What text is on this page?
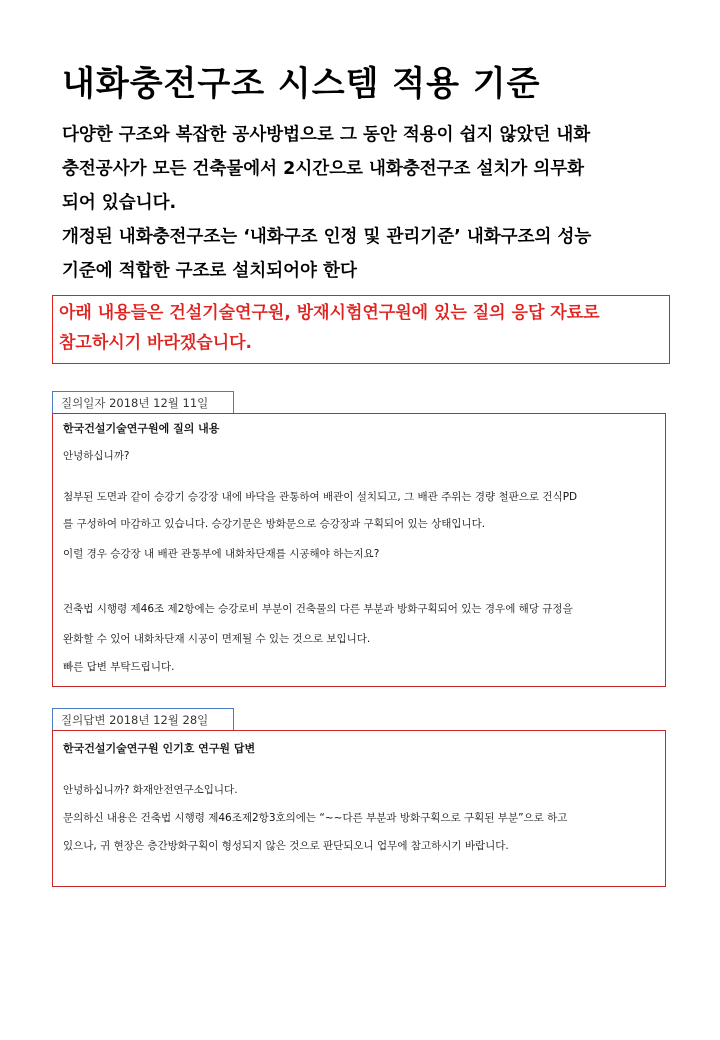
내화충전구조 시스템 적용 기준

다양한 구조와 복잡한 공사방법으로 그 동안 적용이 쉽지 않았던 내화

충전공사가 모든 건축물에서 2시간으로 내화충전구조 설치가 의무화

되어 있습니다.

개정된 내화충전구조는 ‘내화구조 인정 및 관리기준’ 내화구조의 성능

기준에 적합한 구조로 설치되어야 한다

아래 내용들은 건설기술연구원, 방재시험연구원에 있는 질의 응답 자료로

참고하시기 바라겠습니다.

질의일자 2018년 12월 11일
한국건설기술연구원에 질의 내용
안녕하십니까?
첨부된 도면과 같이 승강기 승강장 내에 바닥을 관통하여 배관이 설치되고, 그 배관 주위는 경량 철판으로 건식PD
를 구성하여 마감하고 있습니다. 승강기문은 방화문으로 승강장과 구획되어 있는 상태입니다.
이럴 경우 승강장 내 배관 관통부에 내화차단재를 시공해야 하는지요?
건축법 시행령 제46조 제2항에는 승강로비 부분이 건축물의 다른 부분과 방화구획되어 있는 경우에 해당 규정을
완화할 수 있어 내화차단재 시공이 면제될 수 있는 것으로 보입니다.
빠른 답변 부탁드립니다.
질의답변 2018년 12월 28일
한국건설기술연구원 인기호 연구원 답변
안녕하십니까? 화재안전연구소입니다.
문의하신 내용은 건축법 시행령 제46조제2항3호의에는 “~~다른 부분과 방화구획으로 구획된 부분”으로 하고
있으나, 귀 현장은 층간방화구획이 형성되지 않은 것으로 판단되오니 업무에 참고하시기 바랍니다.
